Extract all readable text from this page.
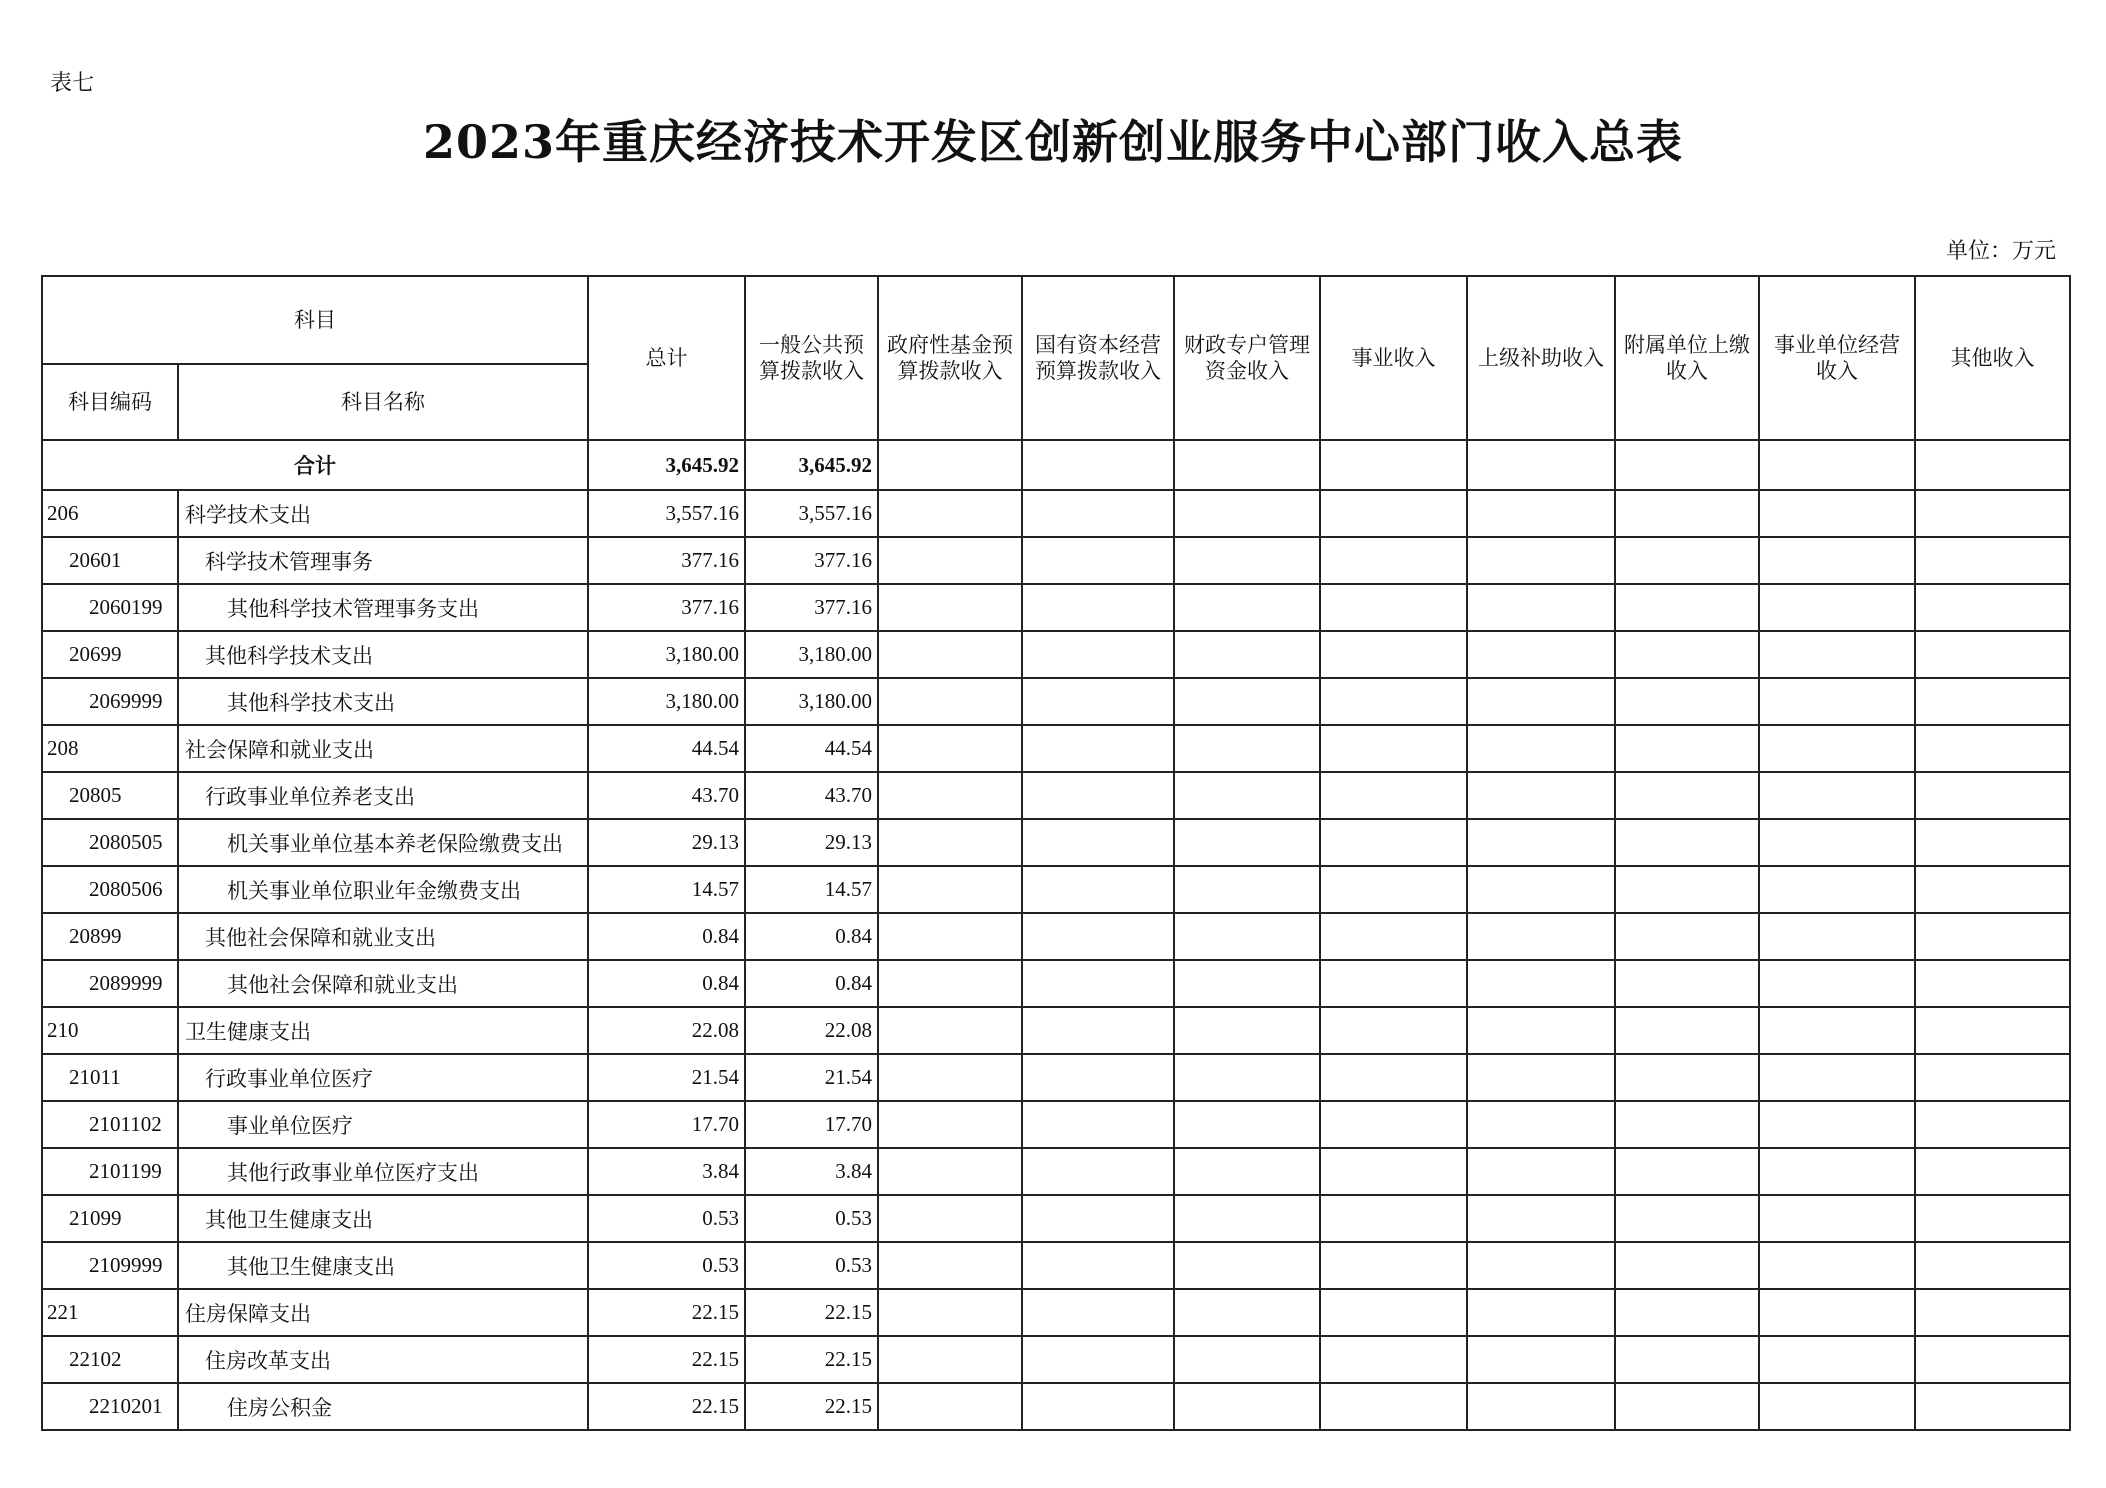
表七
2023年重庆经济技术开发区创新创业服务中心部门收入总表
单位：万元
科目		总计	一般公共预算拨款收入	政府性基金预算拨款收入	国有资本经营预算拨款收入	财政专户管理资金收入	事业收入	上级补助收入	附属单位上缴收入	事业单位经营收入	其他收入
科目编码	科目名称										
合计		3,645.92	3,645.92								
206	科学技术支出	3,557.16	3,557.16								
20601	科学技术管理事务	377.16	377.16								
2060199	其他科学技术管理事务支出	377.16	377.16								
20699	其他科学技术支出	3,180.00	3,180.00								
2069999	其他科学技术支出	3,180.00	3,180.00								
208	社会保障和就业支出	44.54	44.54								
20805	行政事业单位养老支出	43.70	43.70								
2080505	机关事业单位基本养老保险缴费支出	29.13	29.13								
2080506	机关事业单位职业年金缴费支出	14.57	14.57								
20899	其他社会保障和就业支出	0.84	0.84								
2089999	其他社会保障和就业支出	0.84	0.84								
210	卫生健康支出	22.08	22.08								
21011	行政事业单位医疗	21.54	21.54								
2101102	事业单位医疗	17.70	17.70								
2101199	其他行政事业单位医疗支出	3.84	3.84								
21099	其他卫生健康支出	0.53	0.53								
2109999	其他卫生健康支出	0.53	0.53								
221	住房保障支出	22.15	22.15								
22102	住房改革支出	22.15	22.15								
2210201	住房公积金	22.15	22.15								
